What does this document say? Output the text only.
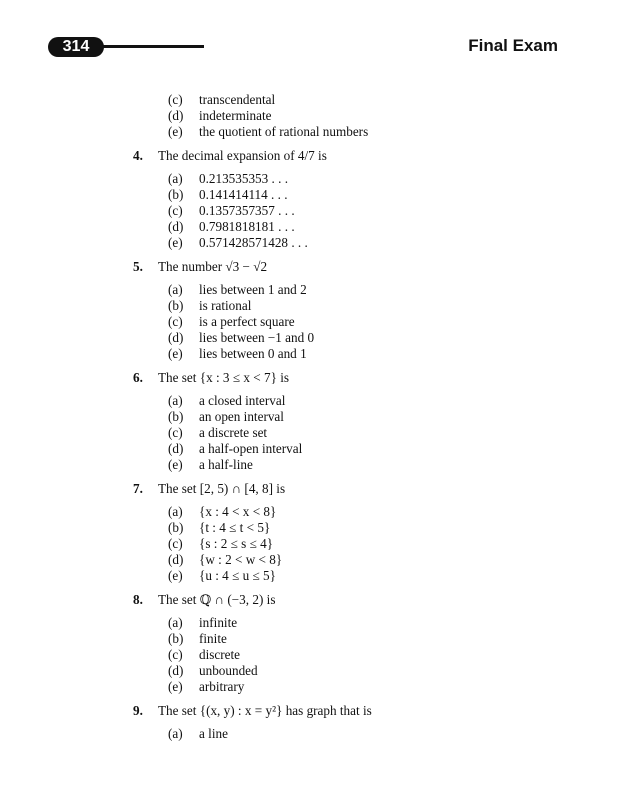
314	Final Exam
(c) transcendental
(d) indeterminate
(e) the quotient of rational numbers
4. The decimal expansion of 4/7 is
(a) 0.213535353 . . .
(b) 0.141414114 . . .
(c) 0.1357357357 . . .
(d) 0.7981818181 . . .
(e) 0.571428571428 . . .
5. The number √3 − √2
(a) lies between 1 and 2
(b) is rational
(c) is a perfect square
(d) lies between −1 and 0
(e) lies between 0 and 1
6. The set {x : 3 ≤ x < 7} is
(a) a closed interval
(b) an open interval
(c) a discrete set
(d) a half-open interval
(e) a half-line
7. The set [2, 5) ∩ [4, 8] is
(a) {x : 4 < x < 8}
(b) {t : 4 ≤ t < 5}
(c) {s : 2 ≤ s ≤ 4}
(d) {w : 2 < w < 8}
(e) {u : 4 ≤ u ≤ 5}
8. The set ℚ ∩ (−3, 2) is
(a) infinite
(b) finite
(c) discrete
(d) unbounded
(e) arbitrary
9. The set {(x, y) : x = y²} has graph that is
(a) a line
